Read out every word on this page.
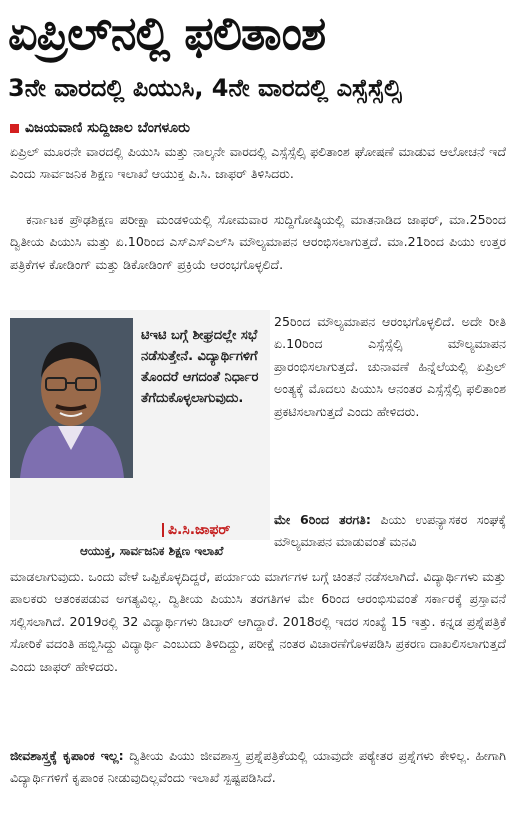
ಏಪ್ರಿಲ್‌ನಲ್ಲಿ ಫಲಿತಾಂಶ
3ನೇ ವಾರದಲ್ಲಿ ಪಿಯುಸಿ, 4ನೇ ವಾರದಲ್ಲಿ ಎಸ್ಸೆಸ್ಸೆಲ್ಸಿ
ವಿಜಯವಾಣಿ ಸುದ್ದಿಜಾಲ ಬೆಂಗಳೂರು
ಏಪ್ರಿಲ್ ಮೂರನೇ ವಾರದಲ್ಲಿ ಪಿಯುಸಿ ಮತ್ತು ನಾಲ್ಕನೇ ವಾರದಲ್ಲಿ ಎಸ್ಸೆಸ್ಸೆಲ್ಸಿ ಫಲಿತಾಂಶ ಘೋಷಣೆ ಮಾಡುವ ಆಲೋಚನೆ ಇದೆ ಎಂದು ಸಾರ್ವಜನಿಕ ಶಿಕ್ಷಣ ಇಲಾಖೆ ಆಯುಕ್ತ ಪಿ.ಸಿ. ಜಾಫರ್ ತಿಳಿಸಿದರು.
ಕರ್ನಾಟಕ ಪ್ರೌಢಶಿಕ್ಷಣ ಪರೀಕ್ಷಾ ಮಂಡಳಿಯಲ್ಲಿ ಸೋಮವಾರ ಸುದ್ದಿಗೋಷ್ಠಿಯಲ್ಲಿ ಮಾತನಾಡಿದ ಜಾಫರ್, ಮಾ.25ರಿಂದ ದ್ವಿತೀಯ ಪಿಯುಸಿ ಮತ್ತು ಏ.10ರಿಂದ ಎಸ್‌ಎಸ್‌ಎಲ್‌ಸಿ ಮೌಲ್ಯಮಾಪನ ಆರಂಭಿಸಲಾಗುತ್ತದೆ. ಮಾ.21ರಿಂದ ಪಿಯು ಉತ್ತರ ಪತ್ರಿಕೆಗಳ ಕೋಡಿಂಗ್ ಮತ್ತು ಡಿಕೋಡಿಂಗ್ ಪ್ರಕ್ರಿಯೆ ಆರಂಭಗೊಳ್ಳಲಿದೆ.
ಟಿಇಟಿ ಬಗ್ಗೆ ಶೀಘ್ರದಲ್ಲೇ ಸಭೆ ನಡೆಸುತ್ತೇನೆ. ವಿದ್ಯಾರ್ಥಿಗಳಿಗೆ ತೊಂದರೆ ಆಗದಂತೆ ನಿರ್ಧಾರ ತೆಗೆದುಕೊಳ್ಳಲಾಗುವುದು.
ಪಿ.ಸಿ.ಜಾಫರ್
ಆಯುಕ್ತ, ಸಾರ್ವಜನಿಕ ಶಿಕ್ಷಣ ಇಲಾಖೆ
25ರಿಂದ ಮೌಲ್ಯಮಾಪನ ಆರಂಭಗೊಳ್ಳಲಿದೆ. ಅದೇ ರೀತಿ ಏ.10ರಿಂದ ಎಸ್ಸೆಸ್ಸೆಲ್ಸಿ ಮೌಲ್ಯಮಾಪನ ಪ್ರಾರಂಭಿಸಲಾಗುತ್ತದೆ. ಚುನಾವಣೆ ಹಿನ್ನೆಲೆಯಲ್ಲಿ ಏಪ್ರಿಲ್ ಅಂತ್ಯಕ್ಕೆ ಮೊದಲು ಪಿಯುಸಿ ಆನಂತರ ಎಸ್ಸೆಸ್ಸೆಲ್ಸಿ ಫಲಿತಾಂಶ ಪ್ರಕಟಿಸಲಾಗುತ್ತದೆ ಎಂದು ಹೇಳಿದರು.
ಮೇ 6ರಿಂದ ತರಗತಿ: ಪಿಯು ಉಪನ್ಯಾಸಕರ ಸಂಘಕ್ಕೆ ಮೌಲ್ಯಮಾಪನ ಮಾಡುವಂತೆ ಮನವಿ
ಮಾಡಲಾಗುವುದು. ಒಂದು ವೇಳೆ ಒಪ್ಪಿಕೊಳ್ಳದಿದ್ದರೆ, ಪರ್ಯಾಯ ಮಾರ್ಗಗಳ ಬಗ್ಗೆ ಚಿಂತನೆ ನಡೆಸಲಾಗಿದೆ. ವಿದ್ಯಾರ್ಥಿಗಳು ಮತ್ತು ಪಾಲಕರು ಆತಂಕಪಡುವ ಅಗತ್ಯವಿಲ್ಲ. ದ್ವಿತೀಯ ಪಿಯುಸಿ ತರಗತಿಗಳ ಮೇ 6ರಿಂದ ಆರಂಭಿಸುವಂತೆ ಸರ್ಕಾರಕ್ಕೆ ಪ್ರಸ್ತಾವನೆ ಸಲ್ಲಿಸಲಾಗಿದೆ. 2019ರಲ್ಲಿ 32 ವಿದ್ಯಾರ್ಥಿಗಳು ಡಿಬಾರ್ ಆಗಿದ್ದಾರೆ. 2018ರಲ್ಲಿ ಇದರ ಸಂಖ್ಯೆ 15 ಇತ್ತು. ಕನ್ನಡ ಪ್ರಶ್ನೆಪತ್ರಿಕೆ ಸೋರಿಕೆ ವದಂತಿ ಹಬ್ಬಿಸಿದ್ದು ವಿದ್ಯಾರ್ಥಿ ಎಂಬುದು ತಿಳಿದಿದ್ದು, ಪರೀಕ್ಷೆ ನಂತರ ವಿಚಾರಣೆಗೊಳಪಡಿಸಿ ಪ್ರಕರಣ ದಾಖಲಿಸಲಾಗುತ್ತದೆ ಎಂದು ಜಾಫರ್ ಹೇಳಿದರು.
ಜೀವಶಾಸ್ತ್ರಕ್ಕೆ ಕೃಪಾಂಕ ಇಲ್ಲ: ದ್ವಿತೀಯ ಪಿಯು ಜೀವಶಾಸ್ತ್ರ ಪ್ರಶ್ನೆಪತ್ರಿಕೆಯಲ್ಲಿ ಯಾವುದೇ ಪಠ್ಯೇತರ ಪ್ರಶ್ನೆಗಳು ಕೇಳಿಲ್ಲ. ಹೀಗಾಗಿ ವಿದ್ಯಾರ್ಥಿಗಳಿಗೆ ಕೃಪಾಂಕ ನೀಡುವುದಿಲ್ಲವೆಂದು ಇಲಾಖೆ ಸ್ಪಷ್ಟಪಡಿಸಿದೆ.
